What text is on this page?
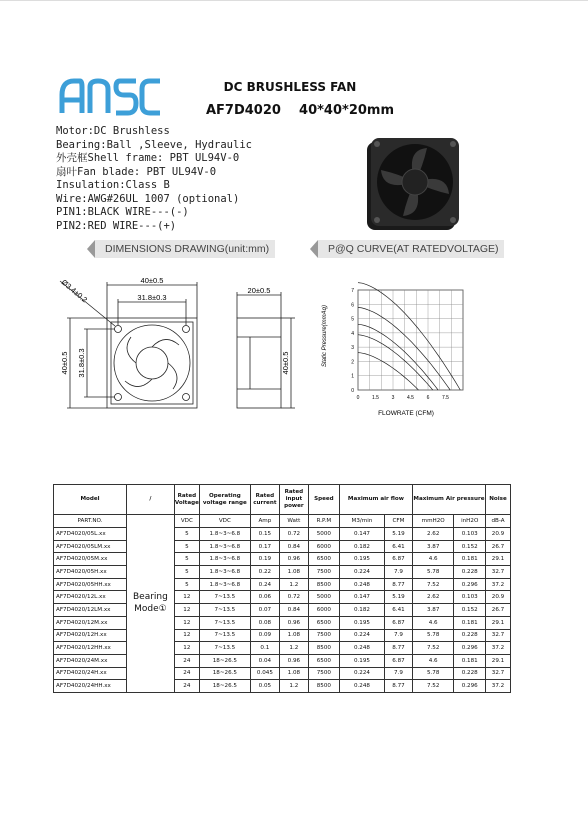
DC BRUSHLESS FAN
AF7D4020    40*40*20mm
Motor:DC Brushless
Bearing:Ball ,Sleeve, Hydraulic
外壳框Shell frame: PBT UL94V-0
扇叶Fan blade: PBT UL94V-0
Insulation:Class B
Wire:AWG#26UL 1007 (optional)
PIN1:BLACK WIRE---(-)
PIN2:RED WIRE---(+)
DIMENSIONS DRAWING(unit:mm)	P@Q CURVE(AT RATEDVOLTAGE)
40±0.5
31.8±0.3
Ø3.4±0.2
40±0.5 31.8±0.3
20±0.5
40±0.5
0
1
2
3
4
5
6
7
0	1.5	3	4.5	6	7.5
FLOWRATE (CFM)
Static Pressure(mmAq)
Model	/	Rated Voltage	Operating voltage range	Rated current	Rated input power	Speed	Maximum air flow		Maximum Air pressure		Noise
PART.NO.	Bearing Mode①	VDC	VDC	Amp	Watt	R.P.M	M3/min	CFM	mmH2O	inH2O	dB-A
AF7D4020/05L.xx		5	1.8~3~6.8	0.15	0.72	5000	0.147	5.19	2.62	0.103	20.9
AF7D4020/05LM.xx		5	1.8~3~6.8	0.17	0.84	6000	0.182	6.41	3.87	0.152	26.7
AF7D4020/05M.xx		5	1.8~3~6.8	0.19	0.96	6500	0.195	6.87	4.6	0.181	29.1
AF7D4020/05H.xx		5	1.8~3~6.8	0.22	1.08	7500	0.224	7.9	5.78	0.228	32.7
AF7D4020/05HH.xx		5	1.8~3~6.8	0.24	1.2	8500	0.248	8.77	7.52	0.296	37.2
AF7D4020/12L.xx		12	7~13.5	0.06	0.72	5000	0.147	5.19	2.62	0.103	20.9
AF7D4020/12LM.xx		12	7~13.5	0.07	0.84	6000	0.182	6.41	3.87	0.152	26.7
AF7D4020/12M.xx		12	7~13.5	0.08	0.96	6500	0.195	6.87	4.6	0.181	29.1
AF7D4020/12H.xx		12	7~13.5	0.09	1.08	7500	0.224	7.9	5.78	0.228	32.7
AF7D4020/12HH.xx		12	7~13.5	0.1	1.2	8500	0.248	8.77	7.52	0.296	37.2
AF7D4020/24M.xx		24	18~26.5	0.04	0.96	6500	0.195	6.87	4.6	0.181	29.1
AF7D4020/24H.xx		24	18~26.5	0.045	1.08	7500	0.224	7.9	5.78	0.228	32.7
AF7D4020/24HH.xx		24	18~26.5	0.05	1.2	8500	0.248	8.77	7.52	0.296	37.2
